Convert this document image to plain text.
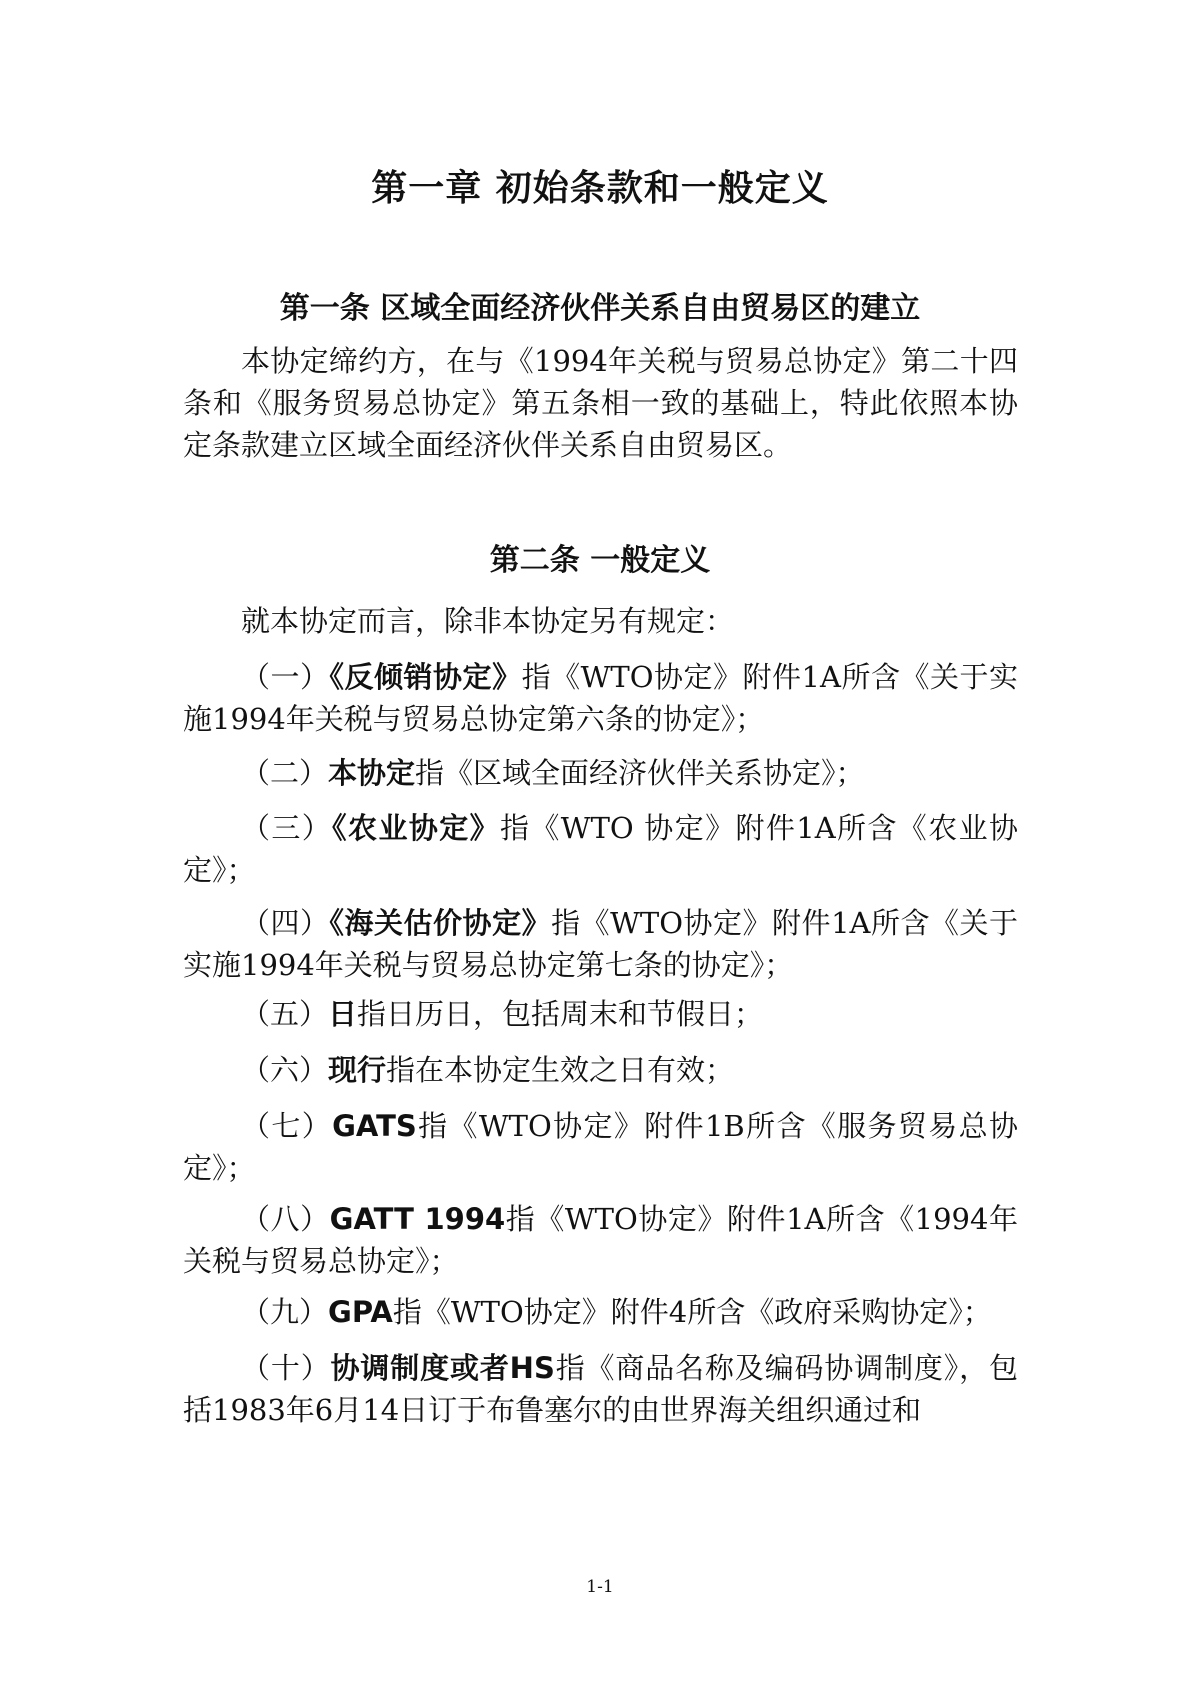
第一章 初始条款和一般定义
第一条 区域全面经济伙伴关系自由贸易区的建立

本协定缔约方，在与《1994年关税与贸易总协定》第二十四条和《服务贸易总协定》第五条相一致的基础上，特此依照本协定条款建立区域全面经济伙伴关系自由贸易区。

第二条 一般定义

就本协定而言，除非本协定另有规定：

（一）《反倾销协定》指《WTO协定》附件1A所含《关于实施1994年关税与贸易总协定第六条的协定》；

（二）本协定指《区域全面经济伙伴关系协定》；

（三）《农业协定》指《WTO 协定》附件1A所含《农业协定》；

（四）《海关估价协定》指《WTO协定》附件1A所含《关于实施1994年关税与贸易总协定第七条的协定》；

（五）日指日历日，包括周末和节假日；

（六）现行指在本协定生效之日有效；

（七）GATS指《WTO协定》附件1B所含《服务贸易总协定》；

（八）GATT 1994指《WTO协定》附件1A所含《1994年关税与贸易总协定》；

（九）GPA指《WTO协定》附件4所含《政府采购协定》；

（十）协调制度或者HS指《商品名称及编码协调制度》，包括1983年6月14日订于布鲁塞尔的由世界海关组织通过和

1-1
